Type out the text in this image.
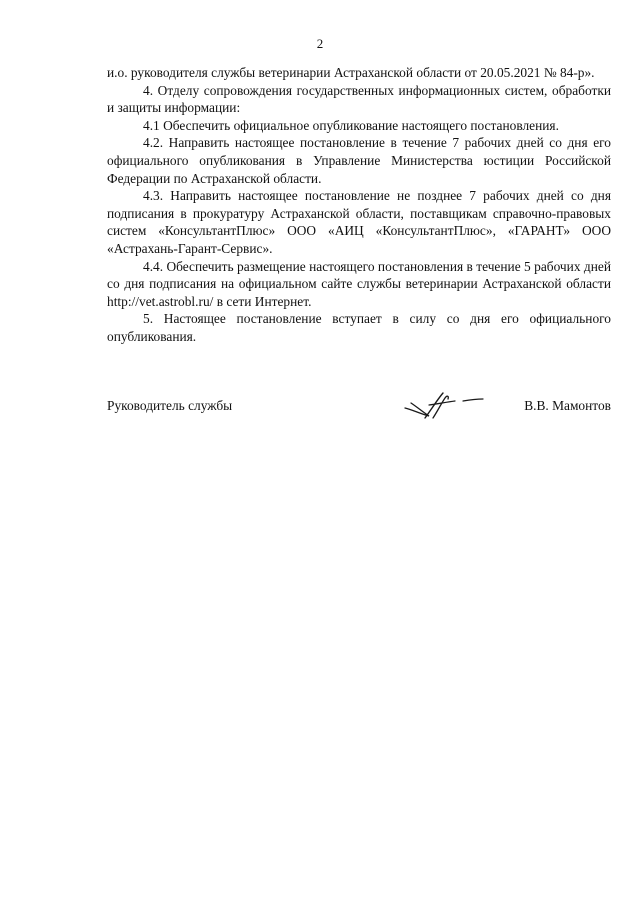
2

и.о. руководителя службы ветеринарии Астраханской области от 20.05.2021 № 84-р».

4. Отделу сопровождения государственных информационных систем, обработки и защиты информации:

4.1 Обеспечить официальное опубликование настоящего постановления.

4.2. Направить настоящее постановление в течение 7 рабочих дней со дня его официального опубликования в Управление Министерства юстиции Российской Федерации по Астраханской области.

4.3. Направить настоящее постановление не позднее 7 рабочих дней со дня подписания в прокуратуру Астраханской области, поставщикам справочно-правовых систем «КонсультантПлюс» ООО «АИЦ «КонсультантПлюс», «ГАРАНТ» ООО «Астрахань-Гарант-Сервис».

4.4. Обеспечить размещение настоящего постановления в течение 5 рабочих дней со дня подписания на официальном сайте службы ветеринарии Астраханской области http://vet.astrobl.ru/ в сети Интернет.

5. Настоящее постановление вступает в силу со дня его официального опубликования.

Руководитель службы	В.В. Мамонтов
